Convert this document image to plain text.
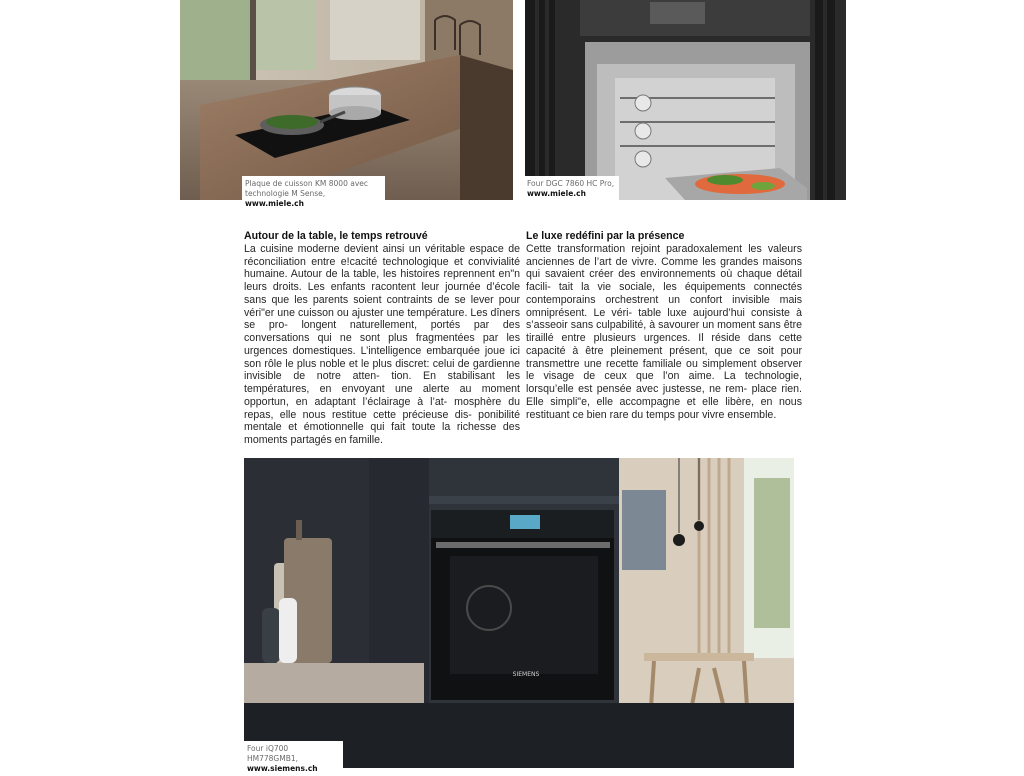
Plaque de cuisson KM 8000 avec technologie M Sense, www.miele.ch
Four DGC 7860 HC Pro,
www.miele.ch
Autour de la table, le temps retrouvé

La cuisine moderne devient ainsi un véritable espace de réconciliation entre e!cacité technologique et convivialité humaine. Autour de la table, les histoires reprennent en"n leurs droits. Les enfants racontent leur journée d’école sans que les parents soient contraints de se lever pour véri"er une cuisson ou ajuster une température. Les dîners se pro- longent naturellement, portés par des conversations qui ne sont plus fragmentées par les urgences domestiques. L’intelligence embarquée joue ici son rôle le plus noble et le plus discret: celui de gardienne invisible de notre atten- tion. En stabilisant les températures, en envoyant une alerte au moment opportun, en adaptant l’éclairage à l’at- mosphère du repas, elle nous restitue cette précieuse dis- ponibilité mentale et émotionnelle qui fait toute la richesse des moments partagés en famille.

Le luxe redéfini par la présence

Cette transformation rejoint paradoxalement les valeurs anciennes de l’art de vivre. Comme les grandes maisons qui savaient créer des environnements où chaque détail facili- tait la vie sociale, les équipements connectés contemporains orchestrent un confort invisible mais omniprésent. Le véri- table luxe aujourd’hui consiste à s’asseoir sans culpabilité, à savourer un moment sans être tiraillé entre plusieurs urgences. Il réside dans cette capacité à être pleinement présent, que ce soit pour transmettre une recette familiale ou simplement observer le visage de ceux que l’on aime. La technologie, lorsqu’elle est pensée avec justesse, ne rem- place rien. Elle simpli"e, elle accompagne et elle libère, en nous restituant ce bien rare du temps pour vivre ensemble.

SIEMENS
Four iQ700 HM778GMB1,
www.siemens.ch
